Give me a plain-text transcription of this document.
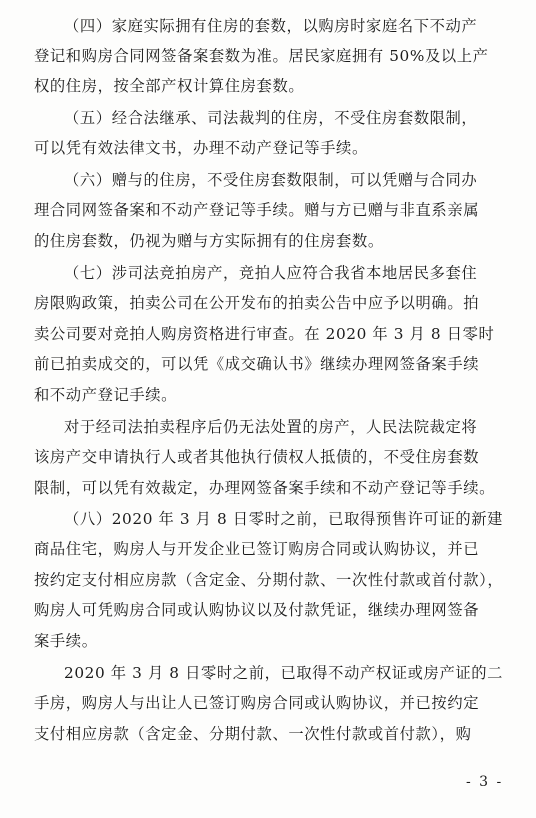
（四）家庭实际拥有住房的套数，以购房时家庭名下不动产
登记和购房合同网签备案套数为准。居民家庭拥有 50%及以上产
权的住房，按全部产权计算住房套数。
（五）经合法继承、司法裁判的住房，不受住房套数限制，
可以凭有效法律文书，办理不动产登记等手续。
（六）赠与的住房，不受住房套数限制，可以凭赠与合同办
理合同网签备案和不动产登记等手续。赠与方已赠与非直系亲属
的住房套数，仍视为赠与方实际拥有的住房套数。
（七）涉司法竞拍房产，竞拍人应符合我省本地居民多套住
房限购政策，拍卖公司在公开发布的拍卖公告中应予以明确。拍
卖公司要对竞拍人购房资格进行审查。在 2020 年 3 月 8 日零时
前已拍卖成交的，可以凭《成交确认书》继续办理网签备案手续
和不动产登记手续。
对于经司法拍卖程序后仍无法处置的房产，人民法院裁定将
该房产交申请执行人或者其他执行债权人抵债的，不受住房套数
限制，可以凭有效裁定，办理网签备案手续和不动产登记等手续。
（八）2020 年 3 月 8 日零时之前，已取得预售许可证的新建
商品住宅，购房人与开发企业已签订购房合同或认购协议，并已
按约定支付相应房款（含定金、分期付款、一次性付款或首付款），
购房人可凭购房合同或认购协议以及付款凭证，继续办理网签备
案手续。
2020 年 3 月 8 日零时之前，已取得不动产权证或房产证的二
手房，购房人与出让人已签订购房合同或认购协议，并已按约定
支付相应房款（含定金、分期付款、一次性付款或首付款），购
- 3 -
